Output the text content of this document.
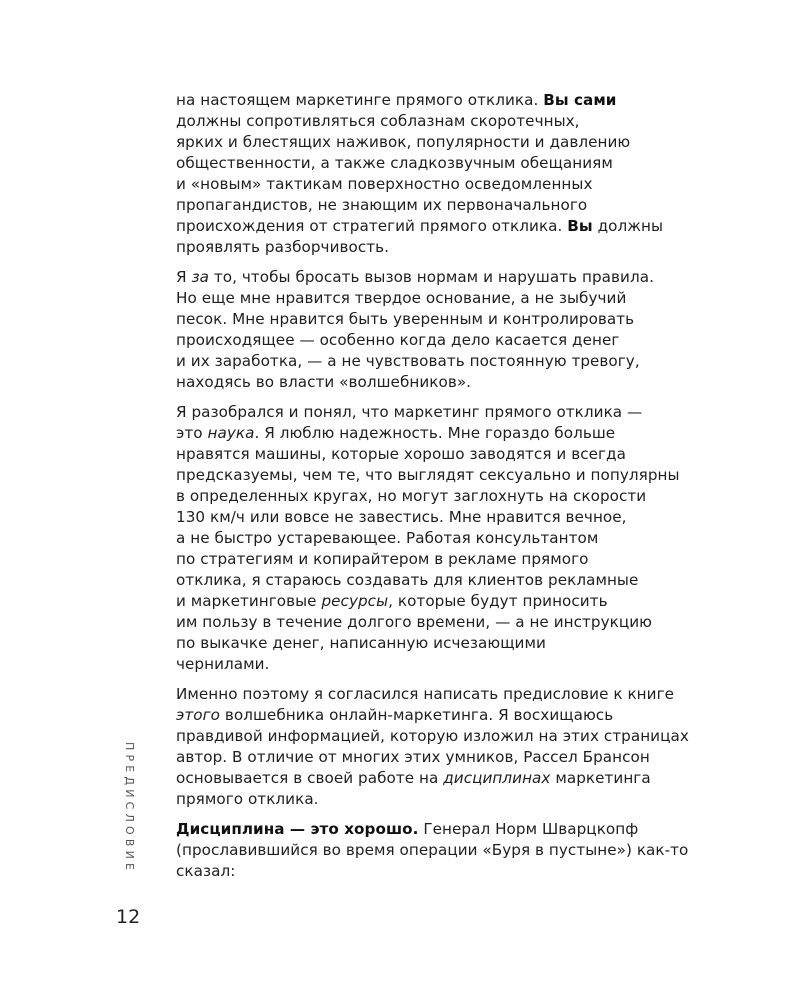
на настоящем маркетинге прямого отклика. Вы сами
должны сопротивляться соблазнам скоротечных,
ярких и блестящих наживок, популярности и давлению
общественности, а также сладкозвучным обещаниям
и «новым» тактикам поверхностно осведомленных
пропагандистов, не знающим их первоначального
происхождения от стратегий прямого отклика. Вы должны
проявлять разборчивость.
Я за то, чтобы бросать вызов нормам и нарушать правила.
Но еще мне нравится твердое основание, а не зыбучий
песок. Мне нравится быть уверенным и контролировать
происходящее — особенно когда дело касается денег
и их заработка, — а не чувствовать постоянную тревогу,
находясь во власти «волшебников».
Я разобрался и понял, что маркетинг прямого отклика —
это наука. Я люблю надежность. Мне гораздо больше
нравятся машины, которые хорошо заводятся и всегда
предсказуемы, чем те, что выглядят сексуально и популярны
в определенных кругах, но могут заглохнуть на скорости
130 км/ч или вовсе не завестись. Мне нравится вечное,
а не быстро устаревающее. Работая консультантом
по стратегиям и копирайтером в рекламе прямого
отклика, я стараюсь создавать для клиентов рекламные
и маркетинговые ресурсы, которые будут приносить
им пользу в течение долгого времени, — а не инструкцию
по выкачке денег, написанную исчезающими
чернилами.
Именно поэтому я согласился написать предисловие к книге
этого волшебника онлайн-маркетинга. Я восхищаюсь
правдивой информацией, которую изложил на этих страницах
автор. В отличие от многих этих умников, Рассел Брансон
основывается в своей работе на дисциплинах маркетинга
прямого отклика.
Дисциплина — это хорошо. Генерал Норм Шварцкопф
(прославившийся во время операции «Буря в пустыне») как-то
сказал:
ПРЕДИСЛОВИЕ
12
